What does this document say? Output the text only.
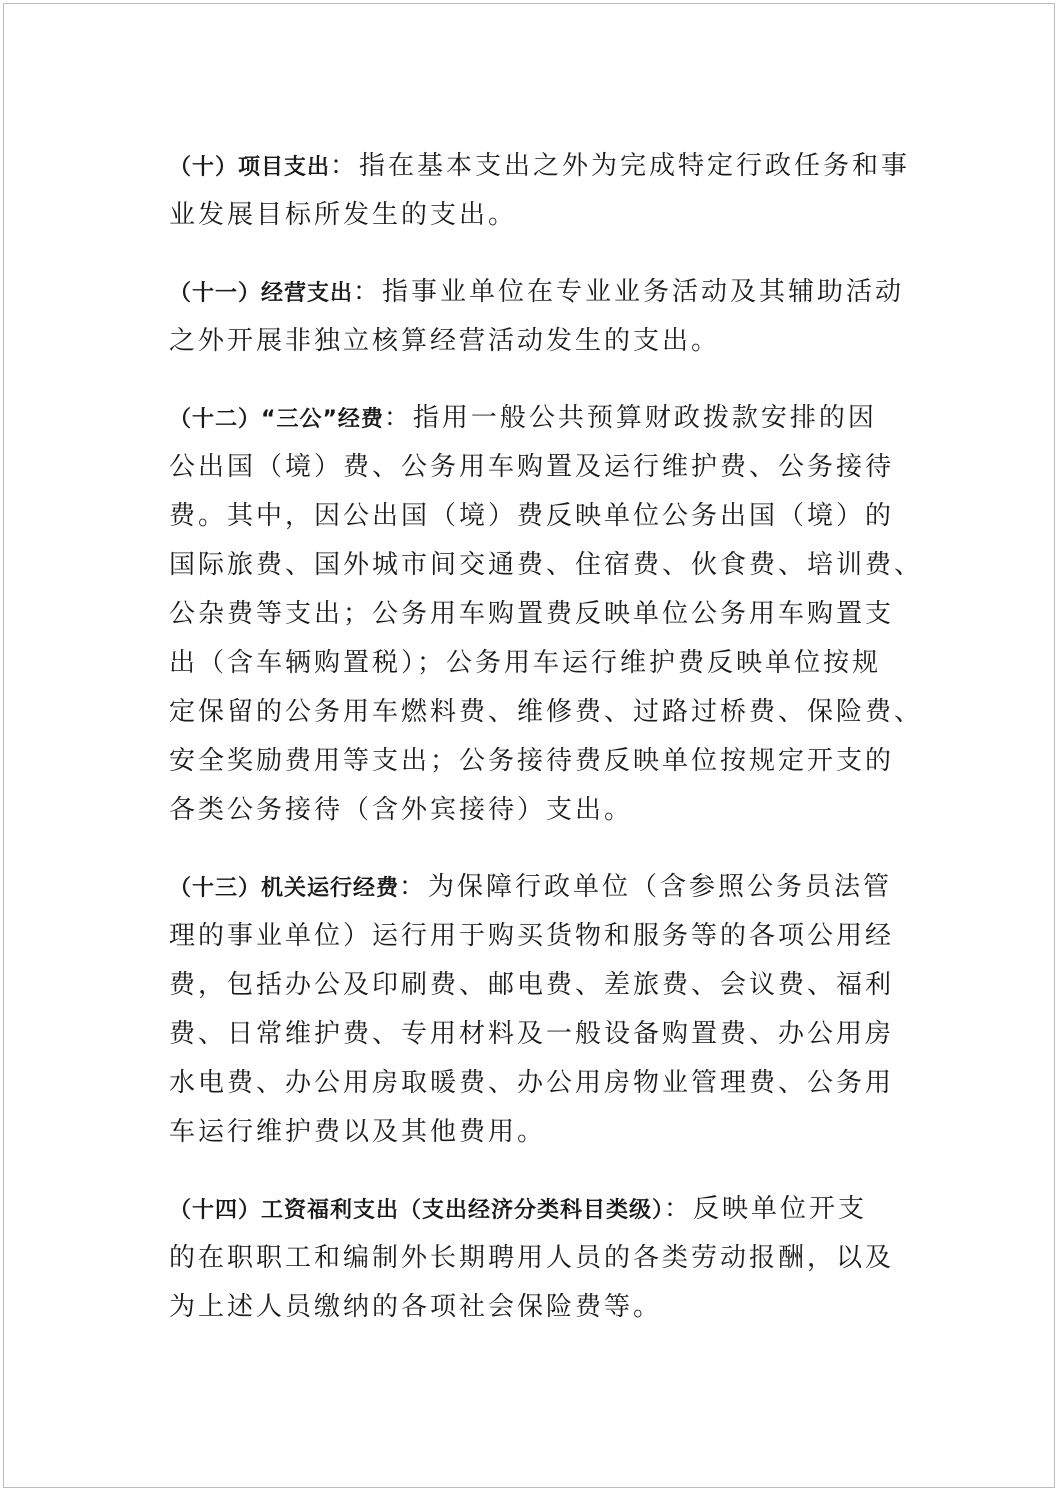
（十）项目支出：指在基本支出之外为完成特定行政任务和事
业发展目标所发生的支出。
（十一）经营支出：指事业单位在专业业务活动及其辅助活动
之外开展非独立核算经营活动发生的支出。
（十二）“三公”经费：指用一般公共预算财政拨款安排的因
公出国（境）费、公务用车购置及运行维护费、公务接待
费。其中，因公出国（境）费反映单位公务出国（境）的
国际旅费、国外城市间交通费、住宿费、伙食费、培训费、
公杂费等支出；公务用车购置费反映单位公务用车购置支
出（含车辆购置税）；公务用车运行维护费反映单位按规
定保留的公务用车燃料费、维修费、过路过桥费、保险费、
安全奖励费用等支出；公务接待费反映单位按规定开支的
各类公务接待（含外宾接待）支出。
（十三）机关运行经费：为保障行政单位（含参照公务员法管
理的事业单位）运行用于购买货物和服务等的各项公用经
费，包括办公及印刷费、邮电费、差旅费、会议费、福利
费、日常维护费、专用材料及一般设备购置费、办公用房
水电费、办公用房取暖费、办公用房物业管理费、公务用
车运行维护费以及其他费用。
（十四）工资福利支出（支出经济分类科目类级）：反映单位开支
的在职职工和编制外长期聘用人员的各类劳动报酬，以及
为上述人员缴纳的各项社会保险费等。
